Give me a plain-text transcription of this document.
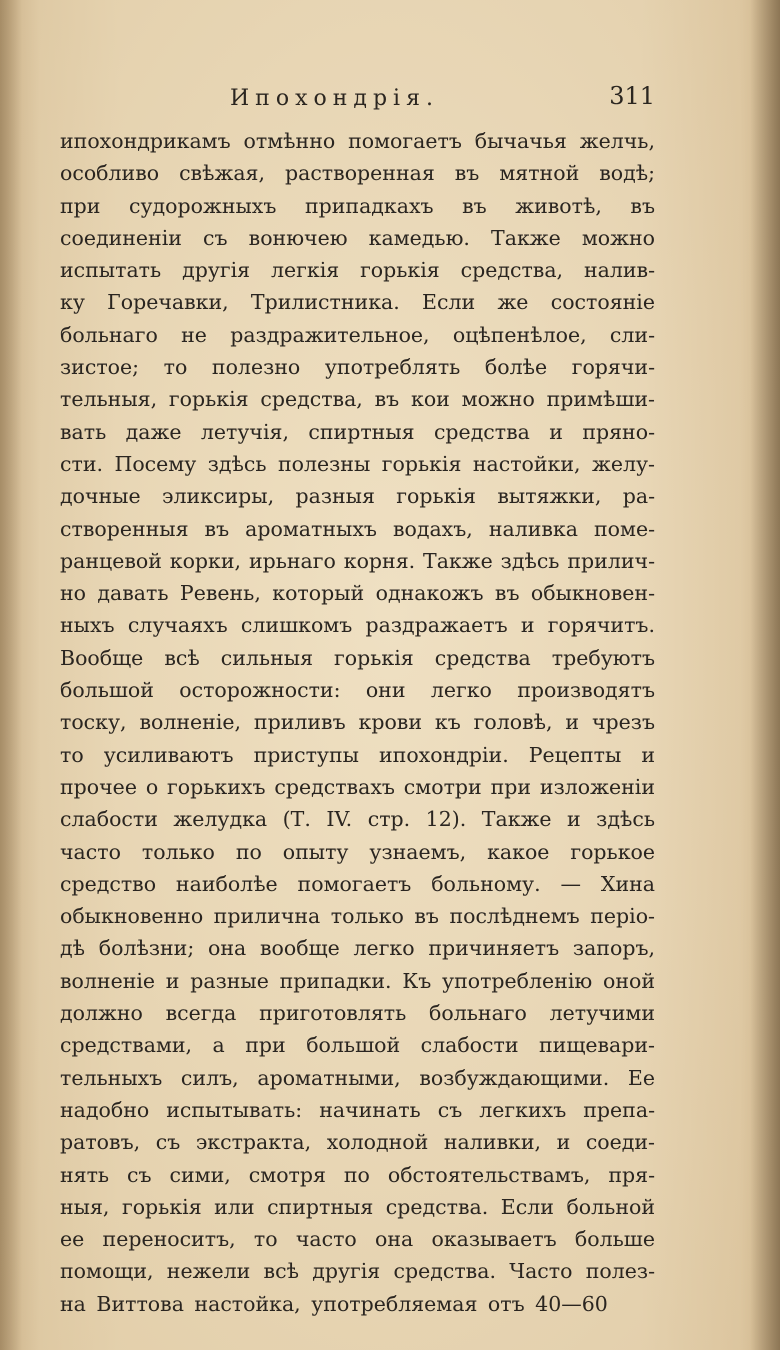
Ипохондрія.	311
ипохондрикамъ отмѣнно помогаетъ бычачья желчь,
особливо свѣжая, растворенная въ мятной водѣ;
при судорожныхъ припадкахъ въ животѣ, въ
соединеніи съ вонючею камедью. Также можно
испытать другія легкія горькія средства, налив-
ку Горечавки, Трилистника. Если же состояніе
больнаго не раздражительное, оцѣпенѣлое, сли-
зистое; то полезно употреблять болѣе горячи-
тельныя, горькія средства, въ кои можно примѣши-
вать даже летучія, спиртныя средства и пряно-
сти. Посему здѣсь полезны горькія настойки, желу-
дочные эликсиры, разныя горькія вытяжки, ра-
створенныя въ ароматныхъ водахъ, наливка поме-
ранцевой корки, ирьнаго корня. Также здѣсь прилич-
но давать Ревень, который однакожъ въ обыкновен-
ныхъ случаяхъ слишкомъ раздражаетъ и горячитъ.
Вообще всѣ сильныя горькія средства требуютъ
большой осторожности: они легко производятъ
тоску, волненіе, приливъ крови къ головѣ, и чрезъ
то усиливаютъ приступы ипохондріи. Рецепты и
прочее о горькихъ средствахъ смотри при изложеніи
слабости желудка (Т. IV. стр. 12). Также и здѣсь
часто только по опыту узнаемъ, какое горькое
средство наиболѣе помогаетъ больному. — Хина
обыкновенно прилична только въ послѣднемъ періо-
дѣ болѣзни; она вообще легко причиняетъ запоръ,
волненіе и разные припадки. Къ употребленію оной
должно всегда приготовлять больнаго летучими
средствами, а при большой слабости пищевари-
тельныхъ силъ, ароматными, возбуждающими. Ее
надобно испытывать: начинать съ легкихъ препа-
ратовъ, съ экстракта, холодной наливки, и соеди-
нять съ сими, смотря по обстоятельствамъ, пря-
ныя, горькія или спиртныя средства. Если больной
ее переноситъ, то часто она оказываетъ больше
помощи, нежели всѣ другія средства. Часто полез-
на Виттова настойка, употребляемая отъ 40—60
